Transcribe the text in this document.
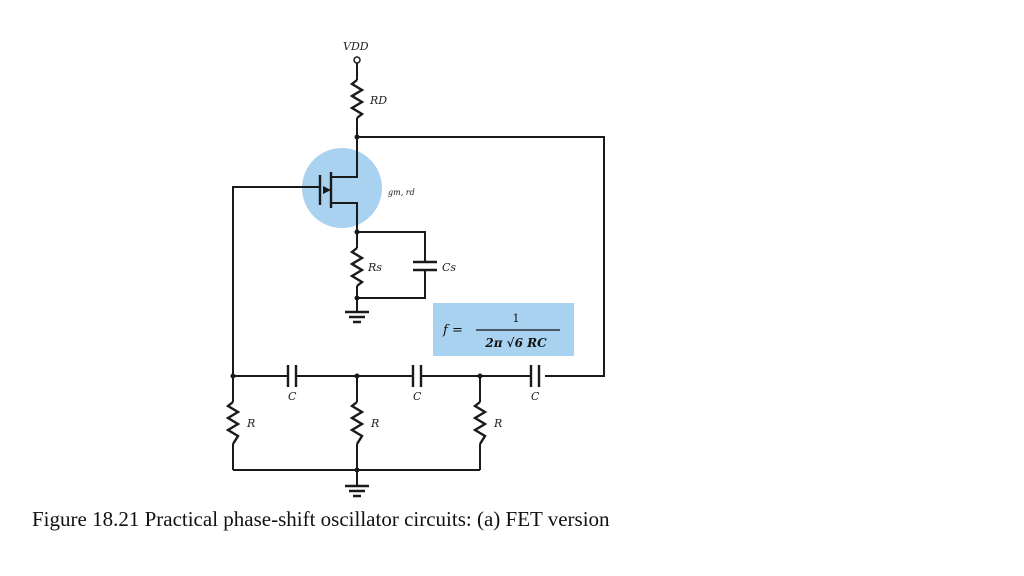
VDD
RD
gm, rd
Rs	Cs
f =
1
2π √6 RC
C	C	C
R	R	R
Figure 18.21 Practical phase-shift oscillator circuits: (a) FET version
